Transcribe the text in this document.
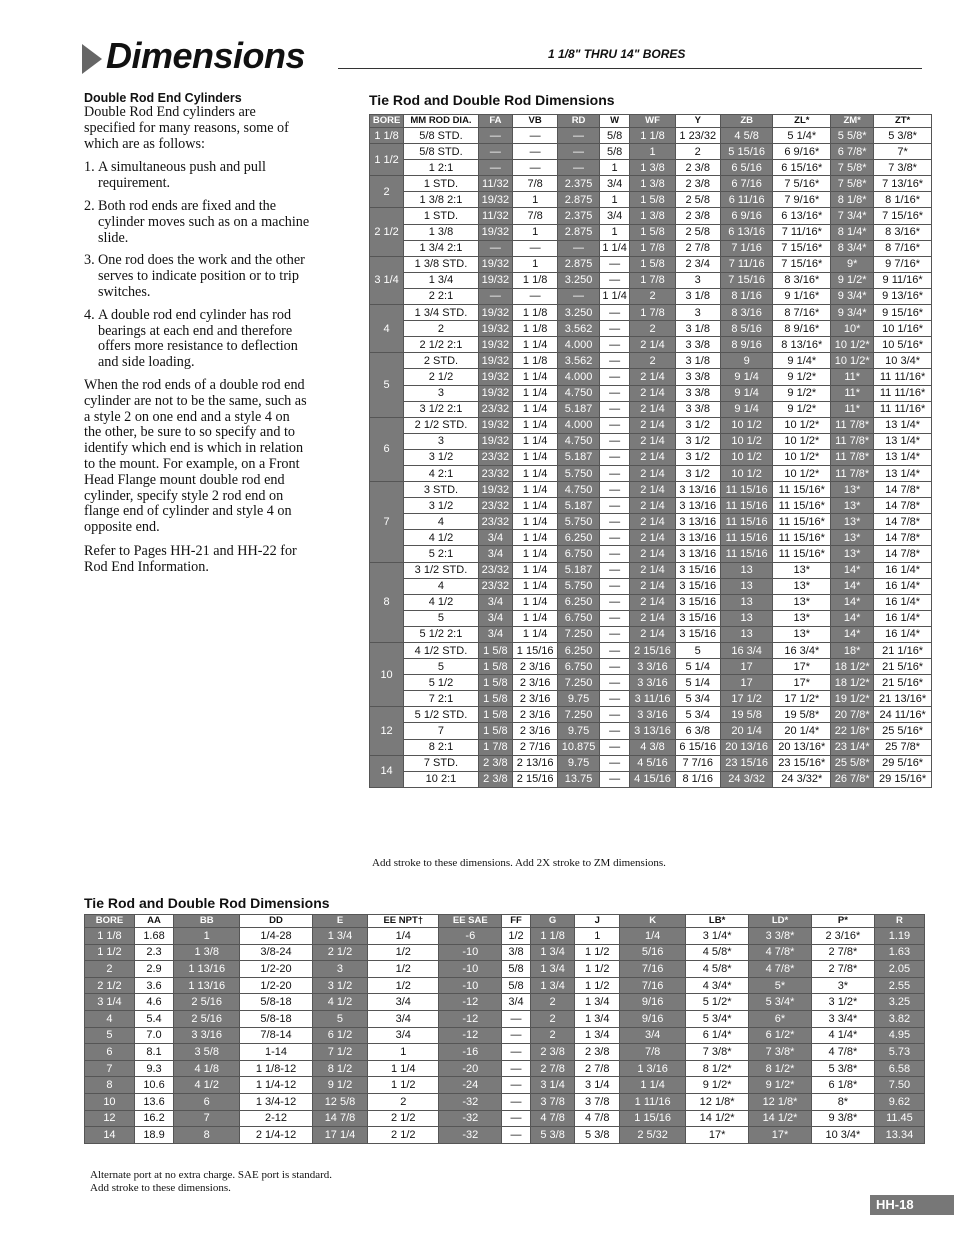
Dimensions	1 1/8" THRU 14" BORES
Double Rod End Cylinders

Double Rod End cylinders are specified for many reasons, some of which are as follows:

1. A simultaneous push and pull requirement.
2. Both rod ends are fixed and the cylinder moves such as on a machine slide.
3. One rod does the work and the other serves to indicate position or to trip switches.
4. A double rod end cylinder has rod bearings at each end and therefore offers more resistance to deflection and side loading.

When the rod ends of a double rod end cylinder are not to be the same, such as a style 2 on one end and a style 4 on the other, be sure to so specify and to identify which end is which in relation to the mount. For example, on a Front Head Flange mount double rod end cylinder, specify style 2 rod end on flange end of cylinder and style 4 on opposite end.

Refer to Pages HH-21 and HH-22 for Rod End Information.

Tie Rod and Double Rod Dimensions
BORE	MM ROD DIA.	FA	VB	RD	W	WF	Y	ZB	ZL*	ZM*	ZT*
1 1/8	5/8 STD.	—	—	—	5/8	1 1/8	1 23/32	4 5/8	5 1/4*	5 5/8*	5 3/8*
1 1/2	5/8 STD.	—	—	—	5/8	1	2	5 15/16	6 9/16*	6 7/8*	7*
	1 2:1	—	—	—	1	1 3/8	2 3/8	6 5/16	6 15/16*	7 5/8*	7 3/8*
2	1 STD.	11/32	7/8	2.375	3/4	1 3/8	2 3/8	6 7/16	7 5/16*	7 5/8*	7 13/16*
	1 3/8 2:1	19/32	1	2.875	1	1 5/8	2 5/8	6 11/16	7 9/16*	8 1/8*	8 1/16*
2 1/2	1 STD.	11/32	7/8	2.375	3/4	1 3/8	2 3/8	6 9/16	6 13/16*	7 3/4*	7 15/16*
	1 3/8	19/32	1	2.875	1	1 5/8	2 5/8	6 13/16	7 11/16*	8 1/4*	8 3/16*
	1 3/4 2:1	—	—	—	1 1/4	1 7/8	2 7/8	7 1/16	7 15/16*	8 3/4*	8 7/16*
3 1/4	1 3/8 STD.	19/32	1	2.875	—	1 5/8	2 3/4	7 11/16	7 15/16*	9*	9 7/16*
	1 3/4	19/32	1 1/8	3.250	—	1 7/8	3	7 15/16	8 3/16*	9 1/2*	9 11/16*
	2 2:1	—	—	—	1 1/4	2	3 1/8	8 1/16	9 1/16*	9 3/4*	9 13/16*
4	1 3/4 STD.	19/32	1 1/8	3.250	—	1 7/8	3	8 3/16	8 7/16*	9 3/4*	9 15/16*
	2	19/32	1 1/8	3.562	—	2	3 1/8	8 5/16	8 9/16*	10*	10 1/16*
	2 1/2 2:1	19/32	1 1/4	4.000	—	2 1/4	3 3/8	8 9/16	8 13/16*	10 1/2*	10 5/16*
5	2 STD.	19/32	1 1/8	3.562	—	2	3 1/8	9	9 1/4*	10 1/2*	10 3/4*
	2 1/2	19/32	1 1/4	4.000	—	2 1/4	3 3/8	9 1/4	9 1/2*	11*	11 11/16*
	3	19/32	1 1/4	4.750	—	2 1/4	3 3/8	9 1/4	9 1/2*	11*	11 11/16*
	3 1/2 2:1	23/32	1 1/4	5.187	—	2 1/4	3 3/8	9 1/4	9 1/2*	11*	11 11/16*
6	2 1/2 STD.	19/32	1 1/4	4.000	—	2 1/4	3 1/2	10 1/2	10 1/2*	11 7/8*	13 1/4*
	3	19/32	1 1/4	4.750	—	2 1/4	3 1/2	10 1/2	10 1/2*	11 7/8*	13 1/4*
	3 1/2	23/32	1 1/4	5.187	—	2 1/4	3 1/2	10 1/2	10 1/2*	11 7/8*	13 1/4*
	4 2:1	23/32	1 1/4	5.750	—	2 1/4	3 1/2	10 1/2	10 1/2*	11 7/8*	13 1/4*
7	3 STD.	19/32	1 1/4	4.750	—	2 1/4	3 13/16	11 15/16	11 15/16*	13*	14 7/8*
	3 1/2	23/32	1 1/4	5.187	—	2 1/4	3 13/16	11 15/16	11 15/16*	13*	14 7/8*
	4	23/32	1 1/4	5.750	—	2 1/4	3 13/16	11 15/16	11 15/16*	13*	14 7/8*
	4 1/2	3/4	1 1/4	6.250	—	2 1/4	3 13/16	11 15/16	11 15/16*	13*	14 7/8*
	5 2:1	3/4	1 1/4	6.750	—	2 1/4	3 13/16	11 15/16	11 15/16*	13*	14 7/8*
8	3 1/2 STD.	23/32	1 1/4	5.187	—	2 1/4	3 15/16	13	13*	14*	16 1/4*
	4	23/32	1 1/4	5.750	—	2 1/4	3 15/16	13	13*	14*	16 1/4*
	4 1/2	3/4	1 1/4	6.250	—	2 1/4	3 15/16	13	13*	14*	16 1/4*
	5	3/4	1 1/4	6.750	—	2 1/4	3 15/16	13	13*	14*	16 1/4*
	5 1/2 2:1	3/4	1 1/4	7.250	—	2 1/4	3 15/16	13	13*	14*	16 1/4*
10	4 1/2 STD.	1 5/8	1 15/16	6.250	—	2 15/16	5	16 3/4	16 3/4*	18*	21 1/16*
	5	1 5/8	2 3/16	6.750	—	3 3/16	5 1/4	17	17*	18 1/2*	21 5/16*
	5 1/2	1 5/8	2 3/16	7.250	—	3 3/16	5 1/4	17	17*	18 1/2*	21 5/16*
	7 2:1	1 5/8	2 3/16	9.75	—	3 11/16	5 3/4	17 1/2	17 1/2*	19 1/2*	21 13/16*
12	5 1/2 STD.	1 5/8	2 3/16	7.250	—	3 3/16	5 3/4	19 5/8	19 5/8*	20 7/8*	24 11/16*
	7	1 5/8	2 3/16	9.75	—	3 13/16	6 3/8	20 1/4	20 1/4*	22 1/8*	25 5/16*
	8 2:1	1 7/8	2 7/16	10.875	—	4 3/8	6 15/16	20 13/16	20 13/16*	23 1/4*	25 7/8*
14	7 STD.	2 3/8	2 13/16	9.75	—	4 5/16	7 7/16	23 15/16	23 15/16*	25 5/8*	29 5/16*
	10 2:1	2 3/8	2 15/16	13.75	—	4 15/16	8 1/16	24 3/32	24 3/32*	26 7/8*	29 15/16*
Add stroke to these dimensions. Add 2X stroke to ZM dimensions.
Tie Rod and Double Rod Dimensions
BORE	AA	BB	DD	E	EE NPT†	EE SAE	FF	G	J	K	LB*	LD*	P*	R
1 1/8	1.68	1	1/4-28	1 3/4	1/4	-6	1/2	1 1/8	1	1/4	3 1/4*	3 3/8*	2 3/16*	1.19
1 1/2	2.3	1 3/8	3/8-24	2 1/2	1/2	-10	3/8	1 3/4	1 1/2	5/16	4 5/8*	4 7/8*	2 7/8*	1.63
2	2.9	1 13/16	1/2-20	3	1/2	-10	5/8	1 3/4	1 1/2	7/16	4 5/8*	4 7/8*	2 7/8*	2.05
2 1/2	3.6	1 13/16	1/2-20	3 1/2	1/2	-10	5/8	1 3/4	1 1/2	7/16	4 3/4*	5*	3*	2.55
3 1/4	4.6	2 5/16	5/8-18	4 1/2	3/4	-12	3/4	2	1 3/4	9/16	5 1/2*	5 3/4*	3 1/2*	3.25
4	5.4	2 5/16	5/8-18	5	3/4	-12	—	2	1 3/4	9/16	5 3/4*	6*	3 3/4*	3.82
5	7.0	3 3/16	7/8-14	6 1/2	3/4	-12	—	2	1 3/4	3/4	6 1/4*	6 1/2*	4 1/4*	4.95
6	8.1	3 5/8	1-14	7 1/2	1	-16	—	2 3/8	2 3/8	7/8	7 3/8*	7 3/8*	4 7/8*	5.73
7	9.3	4 1/8	1 1/8-12	8 1/2	1 1/4	-20	—	2 7/8	2 7/8	1 3/16	8 1/2*	8 1/2*	5 3/8*	6.58
8	10.6	4 1/2	1 1/4-12	9 1/2	1 1/2	-24	—	3 1/4	3 1/4	1 1/4	9 1/2*	9 1/2*	6 1/8*	7.50
10	13.6	6	1 3/4-12	12 5/8	2	-32	—	3 7/8	3 7/8	1 11/16	12 1/8*	12 1/8*	8*	9.62
12	16.2	7	2-12	14 7/8	2 1/2	-32	—	4 7/8	4 7/8	1 15/16	14 1/2*	14 1/2*	9 3/8*	11.45
14	18.9	8	2 1/4-12	17 1/4	2 1/2	-32	—	5 3/8	5 3/8	2 5/32	17*	17*	10 3/4*	13.34
Alternate port at no extra charge. SAE port is standard.
Add stroke to these dimensions.
HH-18
